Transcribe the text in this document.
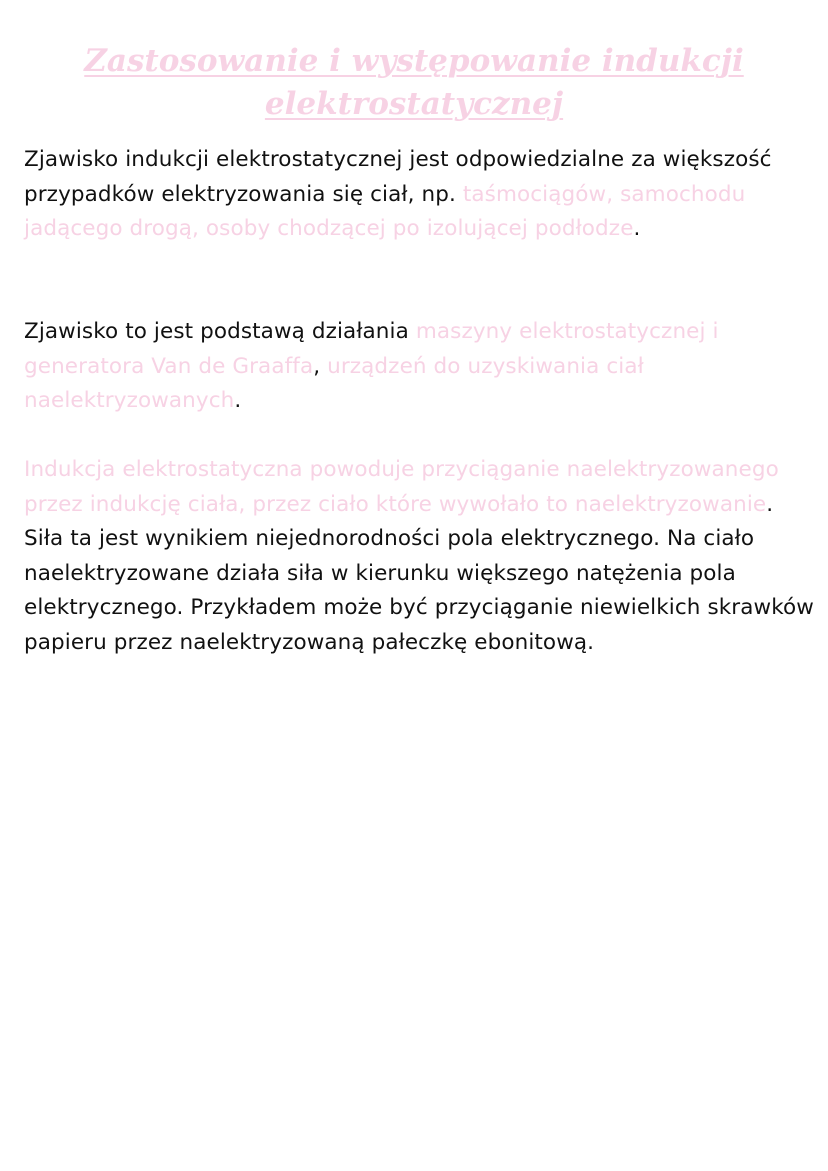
Zastosowanie i występowanie indukcji elektrostatycznej

Zjawisko indukcji elektrostatycznej jest odpowiedzialne za większość przypadków elektryzowania się ciał, np. taśmociągów, samochodu jadącego drogą, osoby chodzącej po izolującej podłodze.

Zjawisko to jest podstawą działania maszyny elektrostatycznej i generatora Van de Graaffa, urządzeń do uzyskiwania ciał naelektryzowanych.

Indukcja elektrostatyczna powoduje przyciąganie naelektryzowanego przez indukcję ciała, przez ciało które wywołało to naelektryzowanie. Siła ta jest wynikiem niejednorodności pola elektrycznego. Na ciało naelektryzowane działa siła w kierunku większego natężenia pola elektrycznego. Przykładem może być przyciąganie niewielkich skrawków papieru przez naelektryzowaną pałeczkę ebonitową.
